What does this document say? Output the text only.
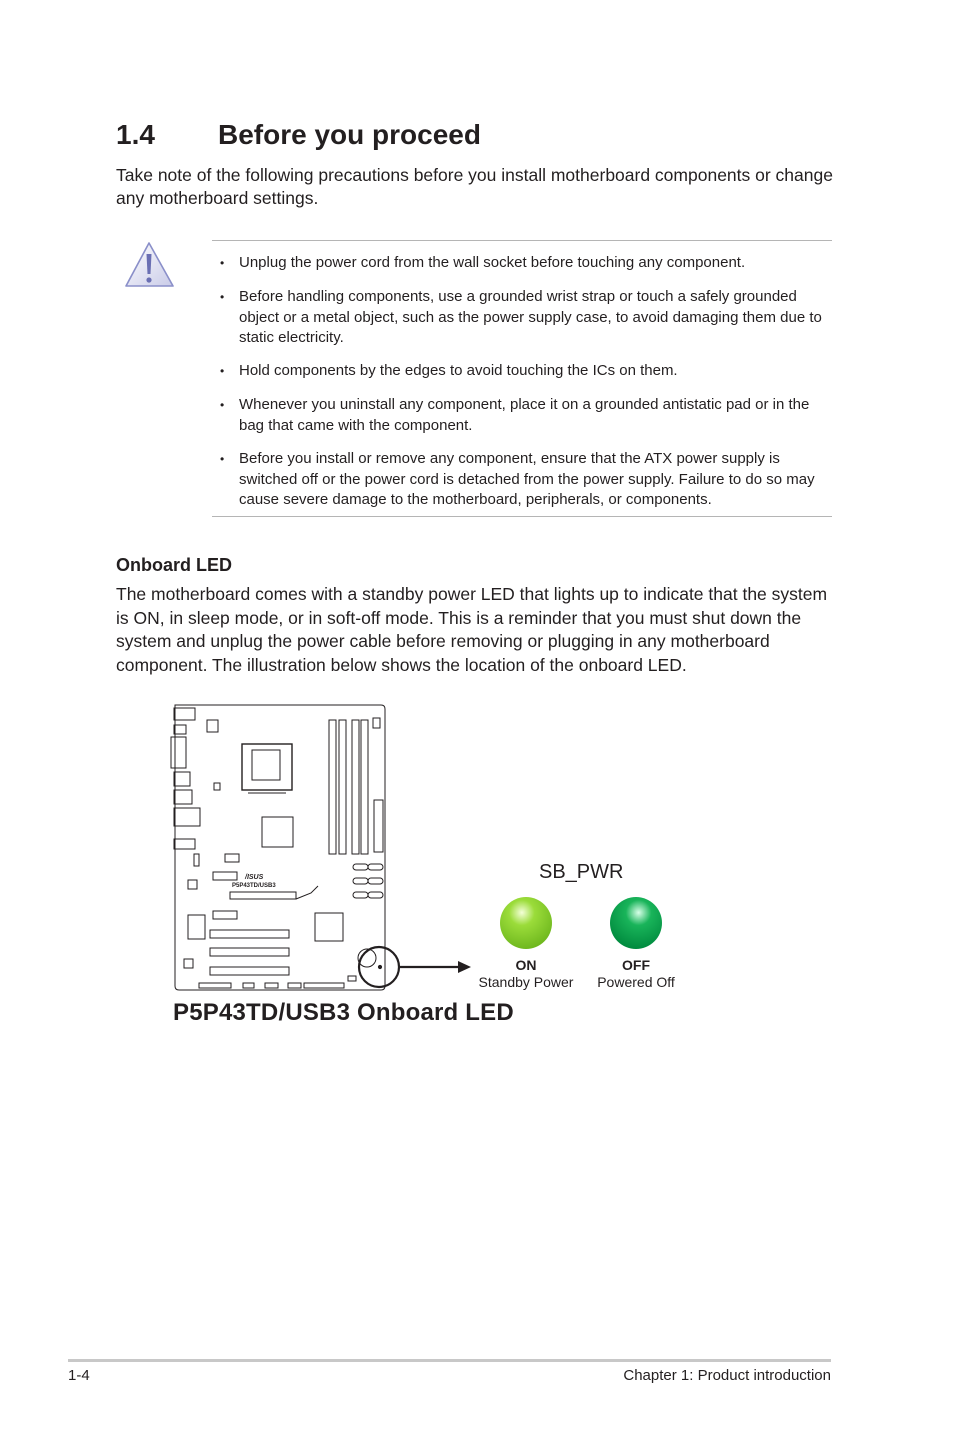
1.4 Before you proceed

Take note of the following precautions before you install motherboard components or change any motherboard settings.

• Unplug the power cord from the wall socket before touching any component.
• Before handling components, use a grounded wrist strap or touch a safely grounded object or a metal object, such as the power supply case, to avoid damaging them due to static electricity.
• Hold components by the edges to avoid touching the ICs on them.
• Whenever you uninstall any component, place it on a grounded antistatic pad or in the bag that came with the component.
• Before you install or remove any component, ensure that the ATX power supply is switched off or the power cord is detached from the power supply. Failure to do so may cause severe damage to the motherboard, peripherals, or components.
Onboard LED

The motherboard comes with a standby power LED that lights up to indicate that the system is ON, in sleep mode, or in soft-off mode. This is a reminder that you must shut down the system and unplug the power cable before removing or plugging in any motherboard component. The illustration below shows the location of the onboard LED.

/ISUS
P5P43TD/USB3
SB_PWR
ON
Standby Power
OFF
Powered Off

P5P43TD/USB3 Onboard LED

1-4	Chapter 1: Product introduction
